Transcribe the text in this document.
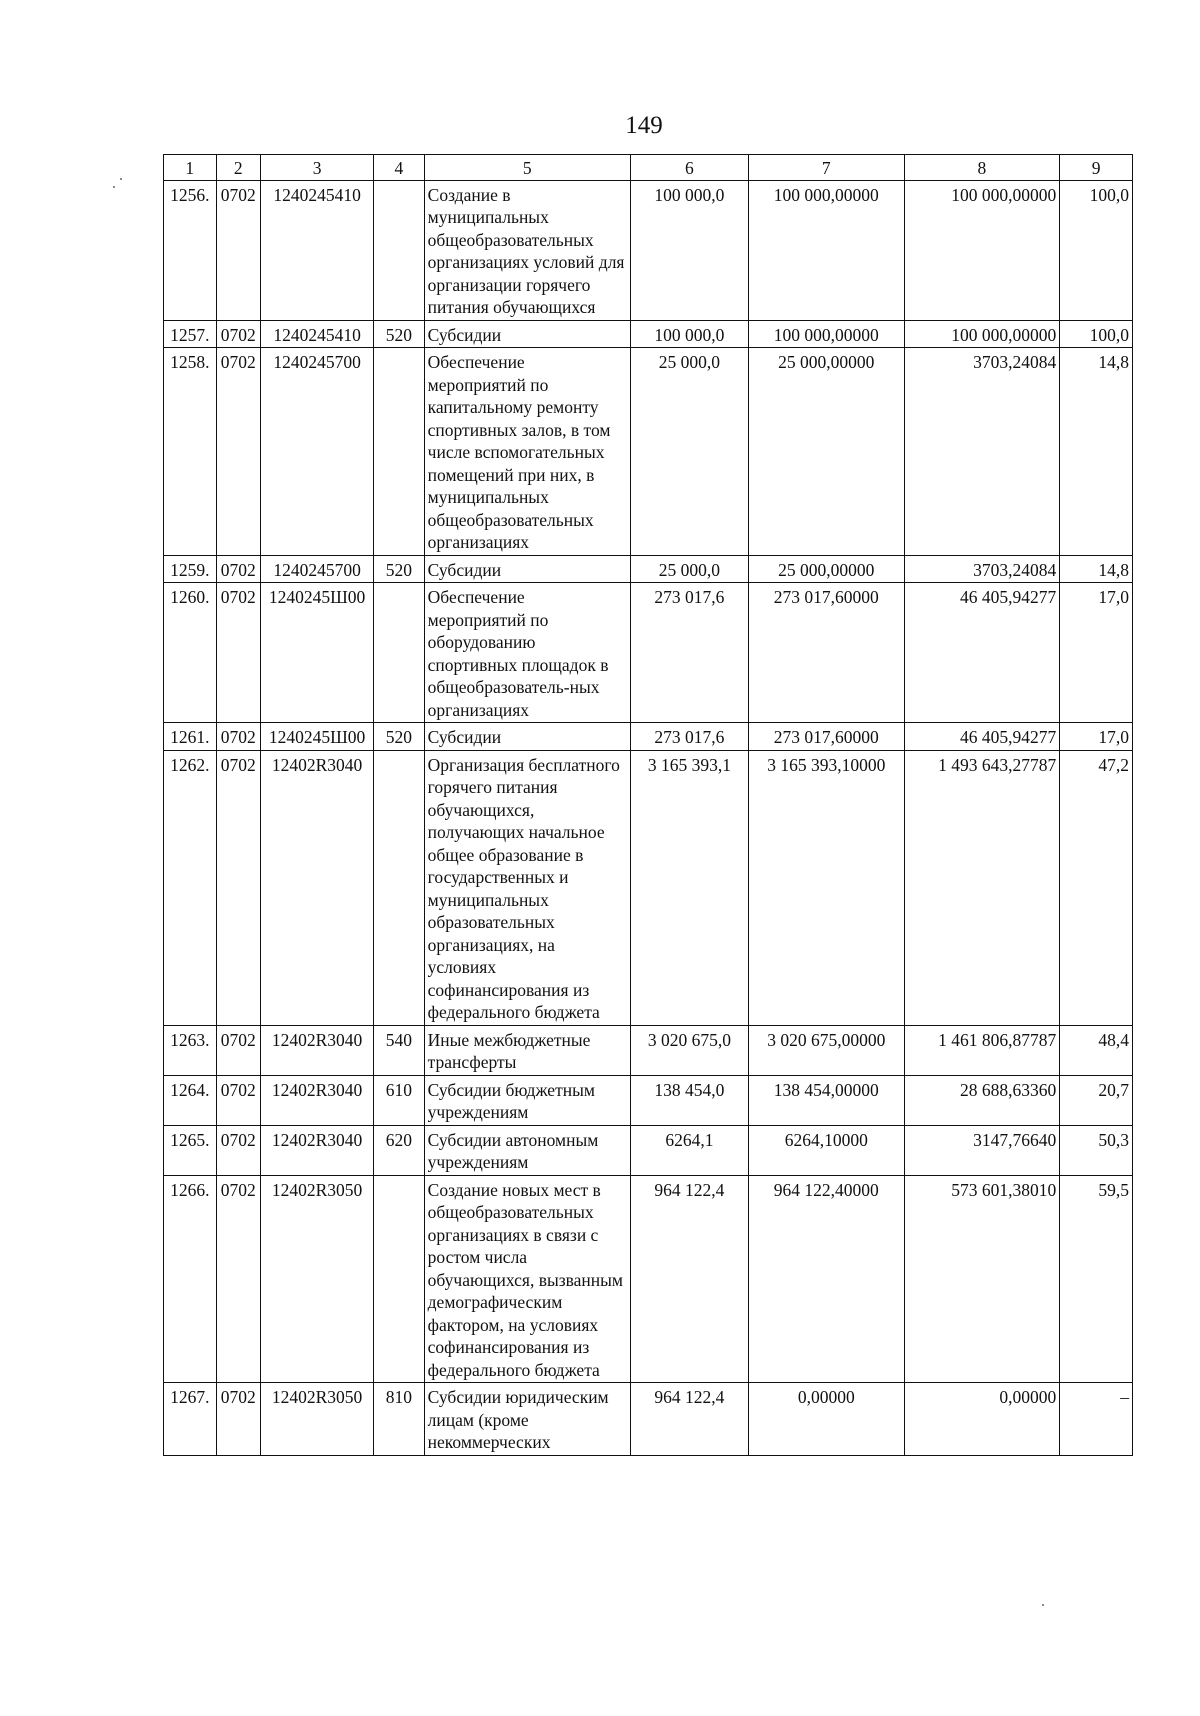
149
1	2	3	4	5	6	7	8	9
1256.	0702	1240245410		Создание в муниципальных общеобразовательных организациях условий для организации горячего питания обучающихся	100 000,0	100 000,00000	100 000,00000	100,0
1257.	0702	1240245410	520	Субсидии	100 000,0	100 000,00000	100 000,00000	100,0
1258.	0702	1240245700		Обеспечение мероприятий по капитальному ремонту спортивных залов, в том числе вспомогательных помещений при них, в муниципальных общеобразовательных организациях	25 000,0	25 000,00000	3703,24084	14,8
1259.	0702	1240245700	520	Субсидии	25 000,0	25 000,00000	3703,24084	14,8
1260.	0702	1240245Ш00		Обеспечение мероприятий по оборудованию спортивных площадок в общеобразователь-ных организациях	273 017,6	273 017,60000	46 405,94277	17,0
1261.	0702	1240245Ш00	520	Субсидии	273 017,6	273 017,60000	46 405,94277	17,0
1262.	0702	12402R3040		Организация бесплатного горячего питания обучающихся, получающих начальное общее образование в государственных и муниципальных образовательных организациях, на условиях софинансирования из федерального бюджета	3 165 393,1	3 165 393,10000	1 493 643,27787	47,2
1263.	0702	12402R3040	540	Иные межбюджетные трансферты	3 020 675,0	3 020 675,00000	1 461 806,87787	48,4
1264.	0702	12402R3040	610	Субсидии бюджетным учреждениям	138 454,0	138 454,00000	28 688,63360	20,7
1265.	0702	12402R3040	620	Субсидии автономным учреждениям	6264,1	6264,10000	3147,76640	50,3
1266.	0702	12402R3050		Создание новых мест в общеобразовательных организациях в связи с ростом числа обучающихся, вызванным демографическим фактором, на условиях софинансирования из федерального бюджета	964 122,4	964 122,40000	573 601,38010	59,5
1267.	0702	12402R3050	810	Субсидии юридическим лицам (кроме некоммерческих	964 122,4	0,00000	0,00000	–
